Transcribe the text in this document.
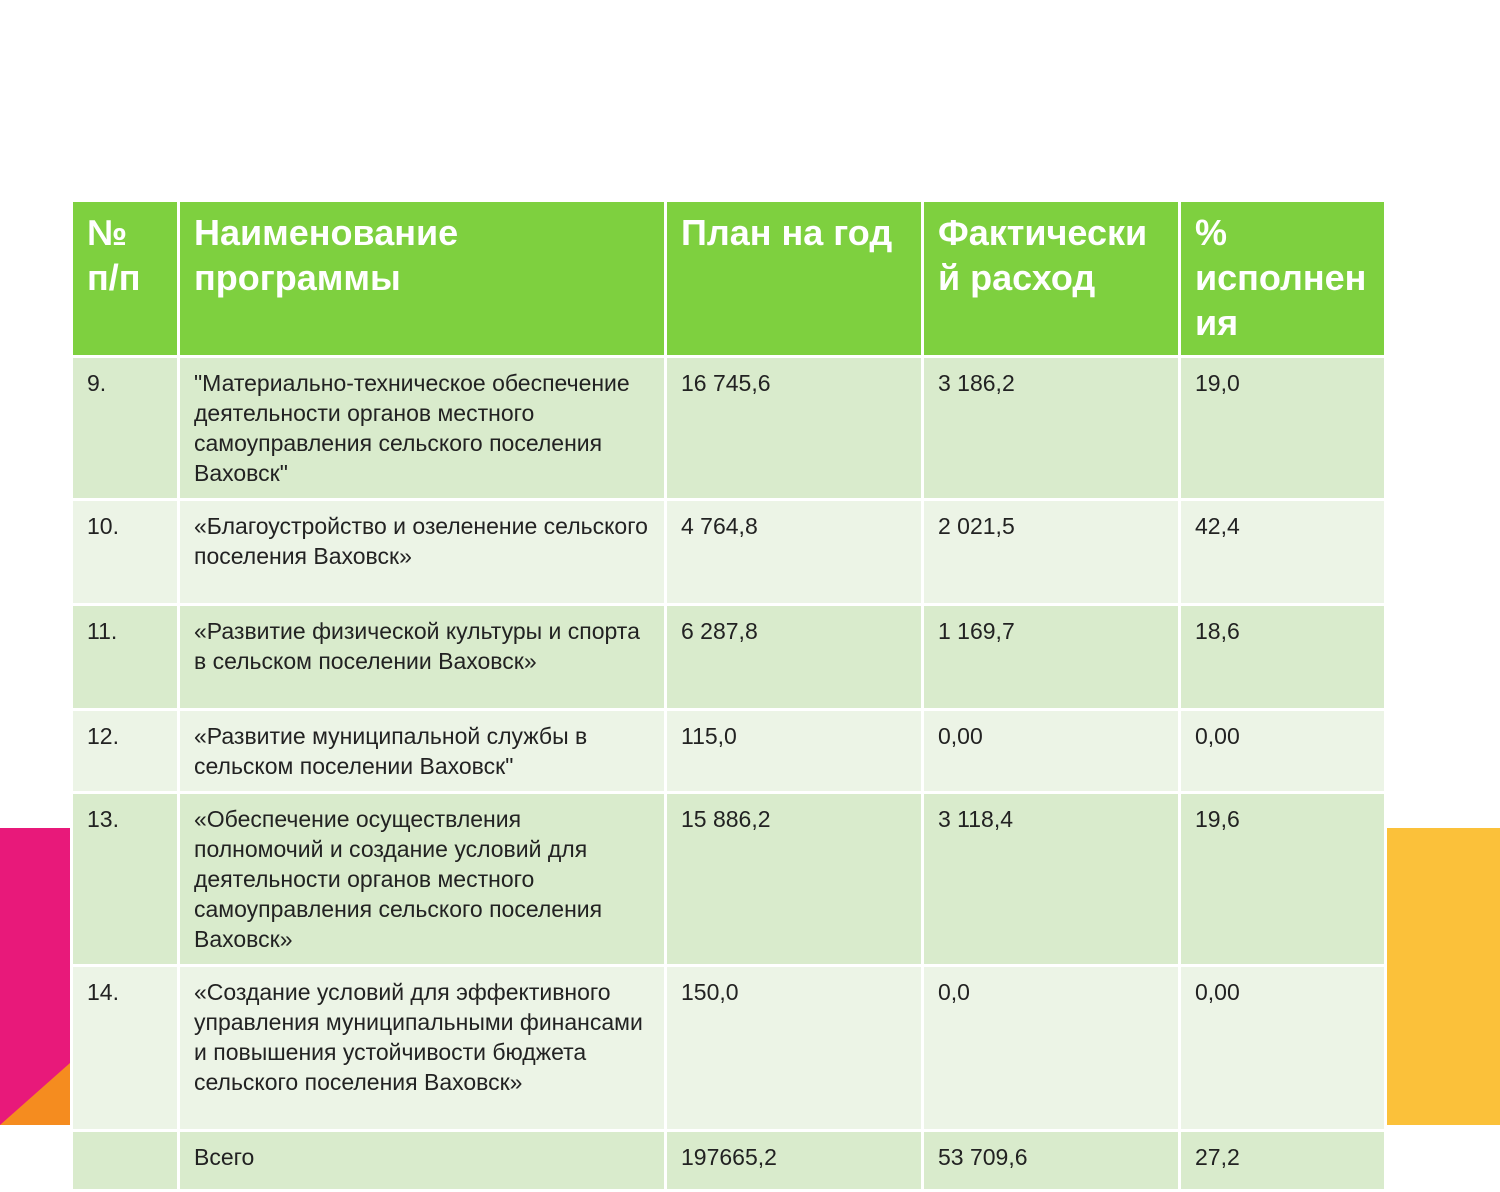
№ п/п	Наименование программы	План на год	Фактический расход	% исполнения
9.	"Материально-техническое обеспечение деятельности органов местного самоуправления сельского поселения Ваховск"	16 745,6	3 186,2	19,0
10.	«Благоустройство и озеленение сельского поселения Ваховск»	4 764,8	2 021,5	42,4
11.	«Развитие физической культуры и спорта в сельском поселении Ваховск»	6 287,8	1 169,7	18,6
12.	«Развитие муниципальной службы в сельском поселении Ваховск"	115,0	0,00	0,00
13.	«Обеспечение осуществления полномочий и создание условий для деятельности органов местного самоуправления сельского поселения Ваховск»	15 886,2	3 118,4	19,6
14.	«Создание условий для эффективного управления муниципальными финансами и повышения устойчивости бюджета сельского поселения Ваховск»	150,0	0,0	0,00
	Всего	197665,2	53 709,6	27,2
